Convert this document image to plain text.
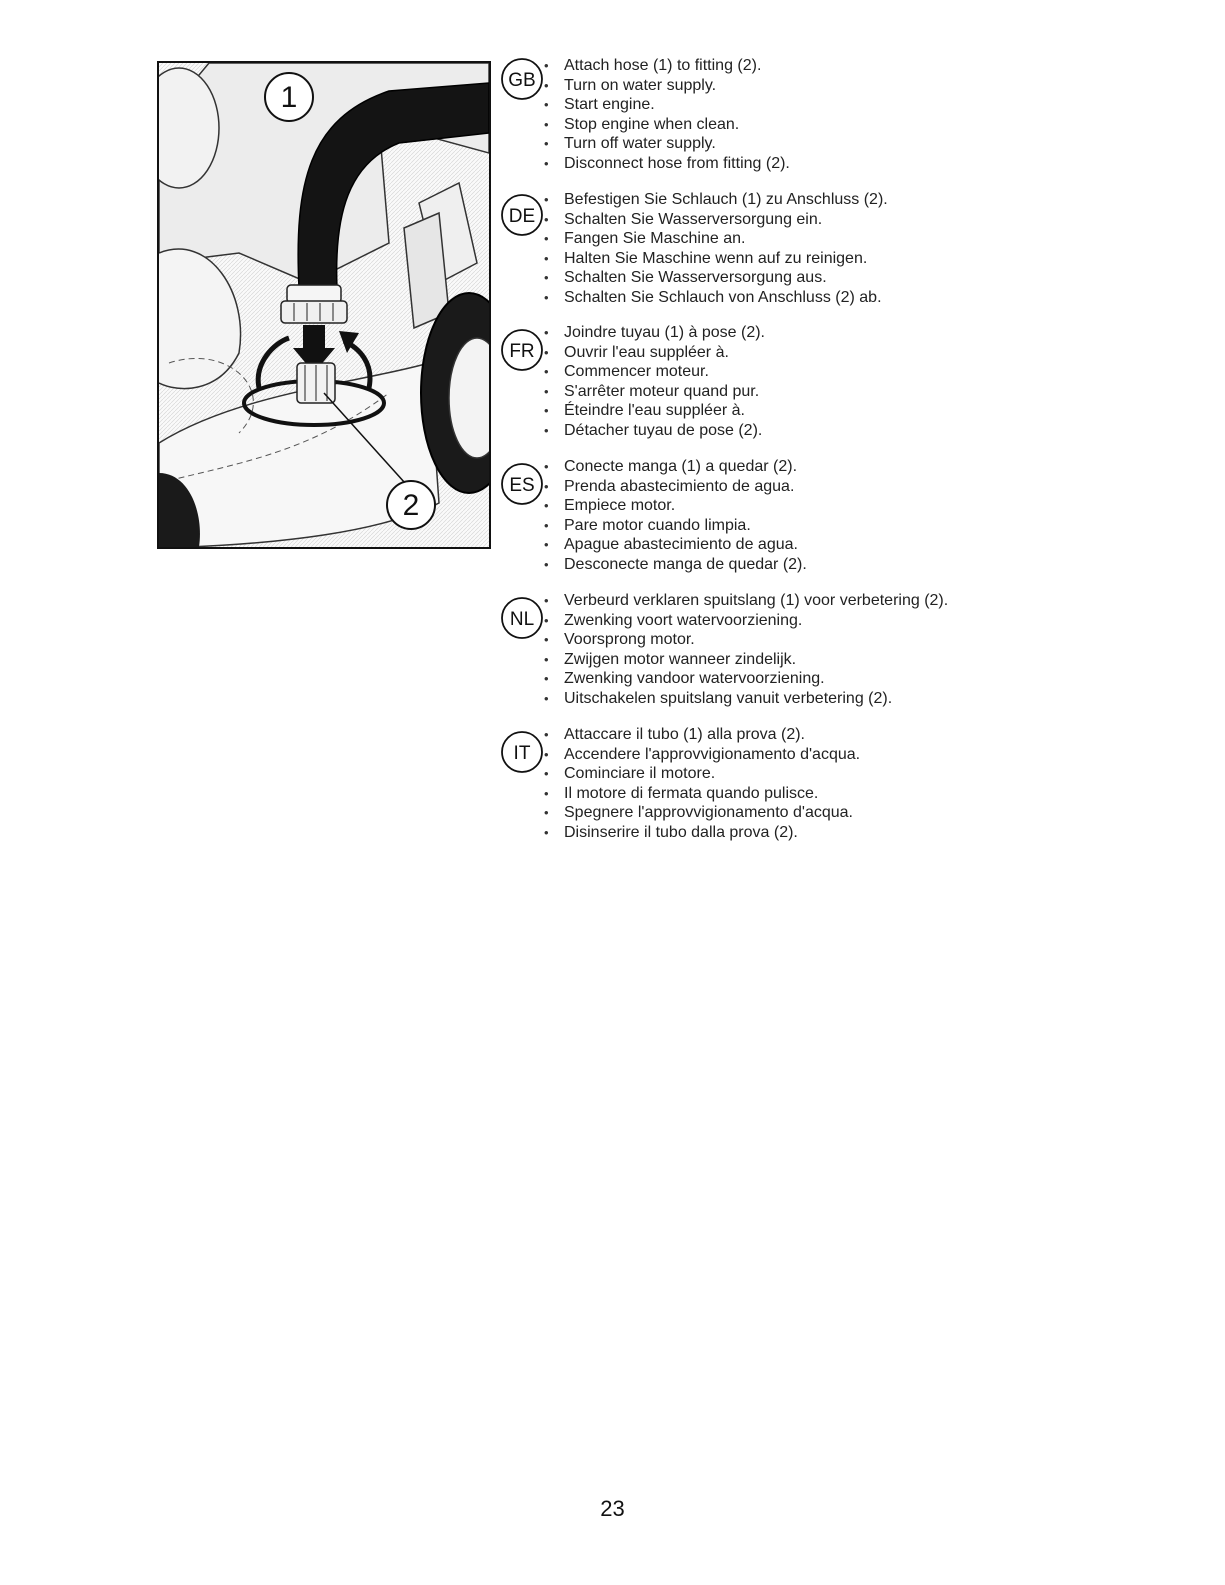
1
2
GB
• Attach hose (1) to fitting (2).
• Turn on water supply.
• Start engine.
• Stop engine when clean.
• Turn off water supply.
• Disconnect hose from fitting (2).
DE
• Befestigen Sie Schlauch (1) zu Anschluss (2).
• Schalten Sie Wasserversorgung ein.
• Fangen Sie Maschine an.
• Halten Sie Maschine wenn auf zu reinigen.
• Schalten Sie Wasserversorgung aus.
• Schalten Sie Schlauch von Anschluss (2) ab.
FR
• Joindre tuyau (1) à pose (2).
• Ouvrir l'eau suppléer à.
• Commencer moteur.
• S'arrêter moteur quand pur.
• Éteindre l'eau suppléer à.
• Détacher tuyau de pose (2).
ES
• Conecte manga (1) a quedar (2).
• Prenda abastecimiento de agua.
• Empiece motor.
• Pare motor cuando limpia.
• Apague abastecimiento de agua.
• Desconecte manga de quedar (2).
NL
• Verbeurd verklaren spuitslang (1) voor verbetering (2).
• Zwenking voort watervoorziening.
• Voorsprong motor.
• Zwijgen motor wanneer zindelijk.
• Zwenking vandoor watervoorziening.
• Uitschakelen spuitslang vanuit verbetering (2).
IT
• Attaccare il tubo (1) alla prova (2).
• Accendere l'approvvigionamento d'acqua.
• Cominciare il motore.
• Il motore di fermata quando pulisce.
• Spegnere l'approvvigionamento d'acqua.
• Disinserire il tubo dalla prova (2).
23
